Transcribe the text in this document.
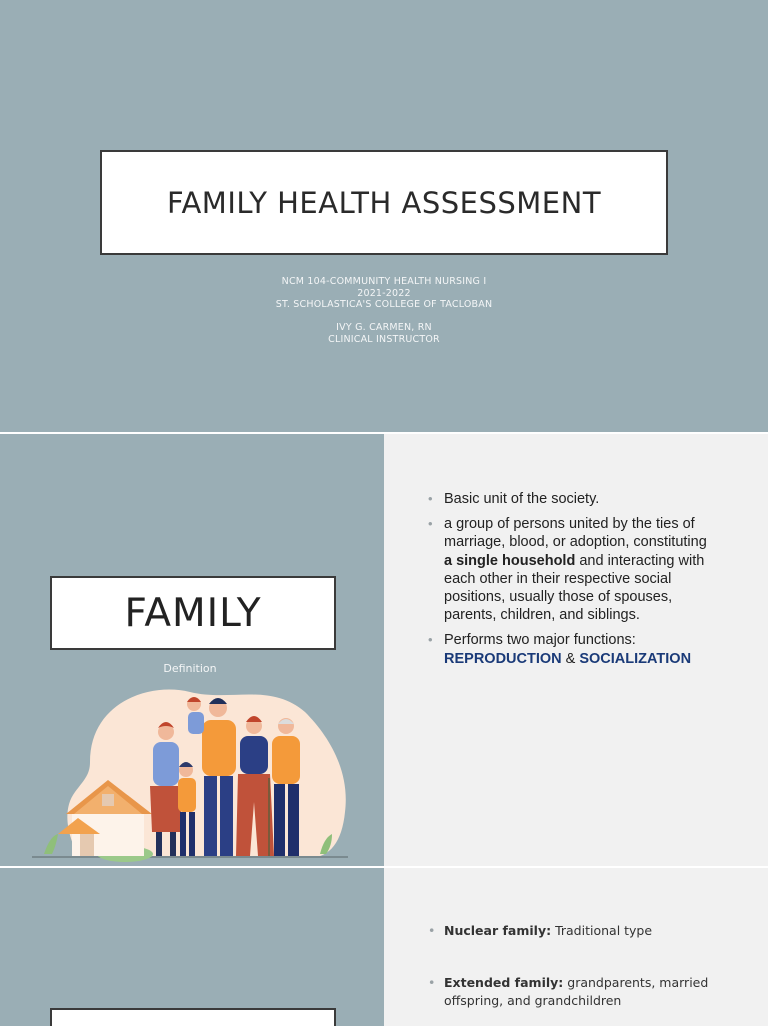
FAMILY HEALTH ASSESSMENT
NCM 104-COMMUNITY HEALTH NURSING I
2021-2022
ST. SCHOLASTICA'S COLLEGE OF TACLOBAN
IVY G. CARMEN, RN
CLINICAL INSTRUCTOR
FAMILY
Definition
• Basic unit of the society.
• a group of persons united by the ties of marriage, blood, or adoption, constituting a single household and interacting with each other in their respective social positions, usually those of spouses, parents, children, and siblings.
• Performs two major functions: REPRODUCTION & SOCIALIZATION
• Nuclear family: Traditional type
• Extended family: grandparents, married offspring, and grandchildren
